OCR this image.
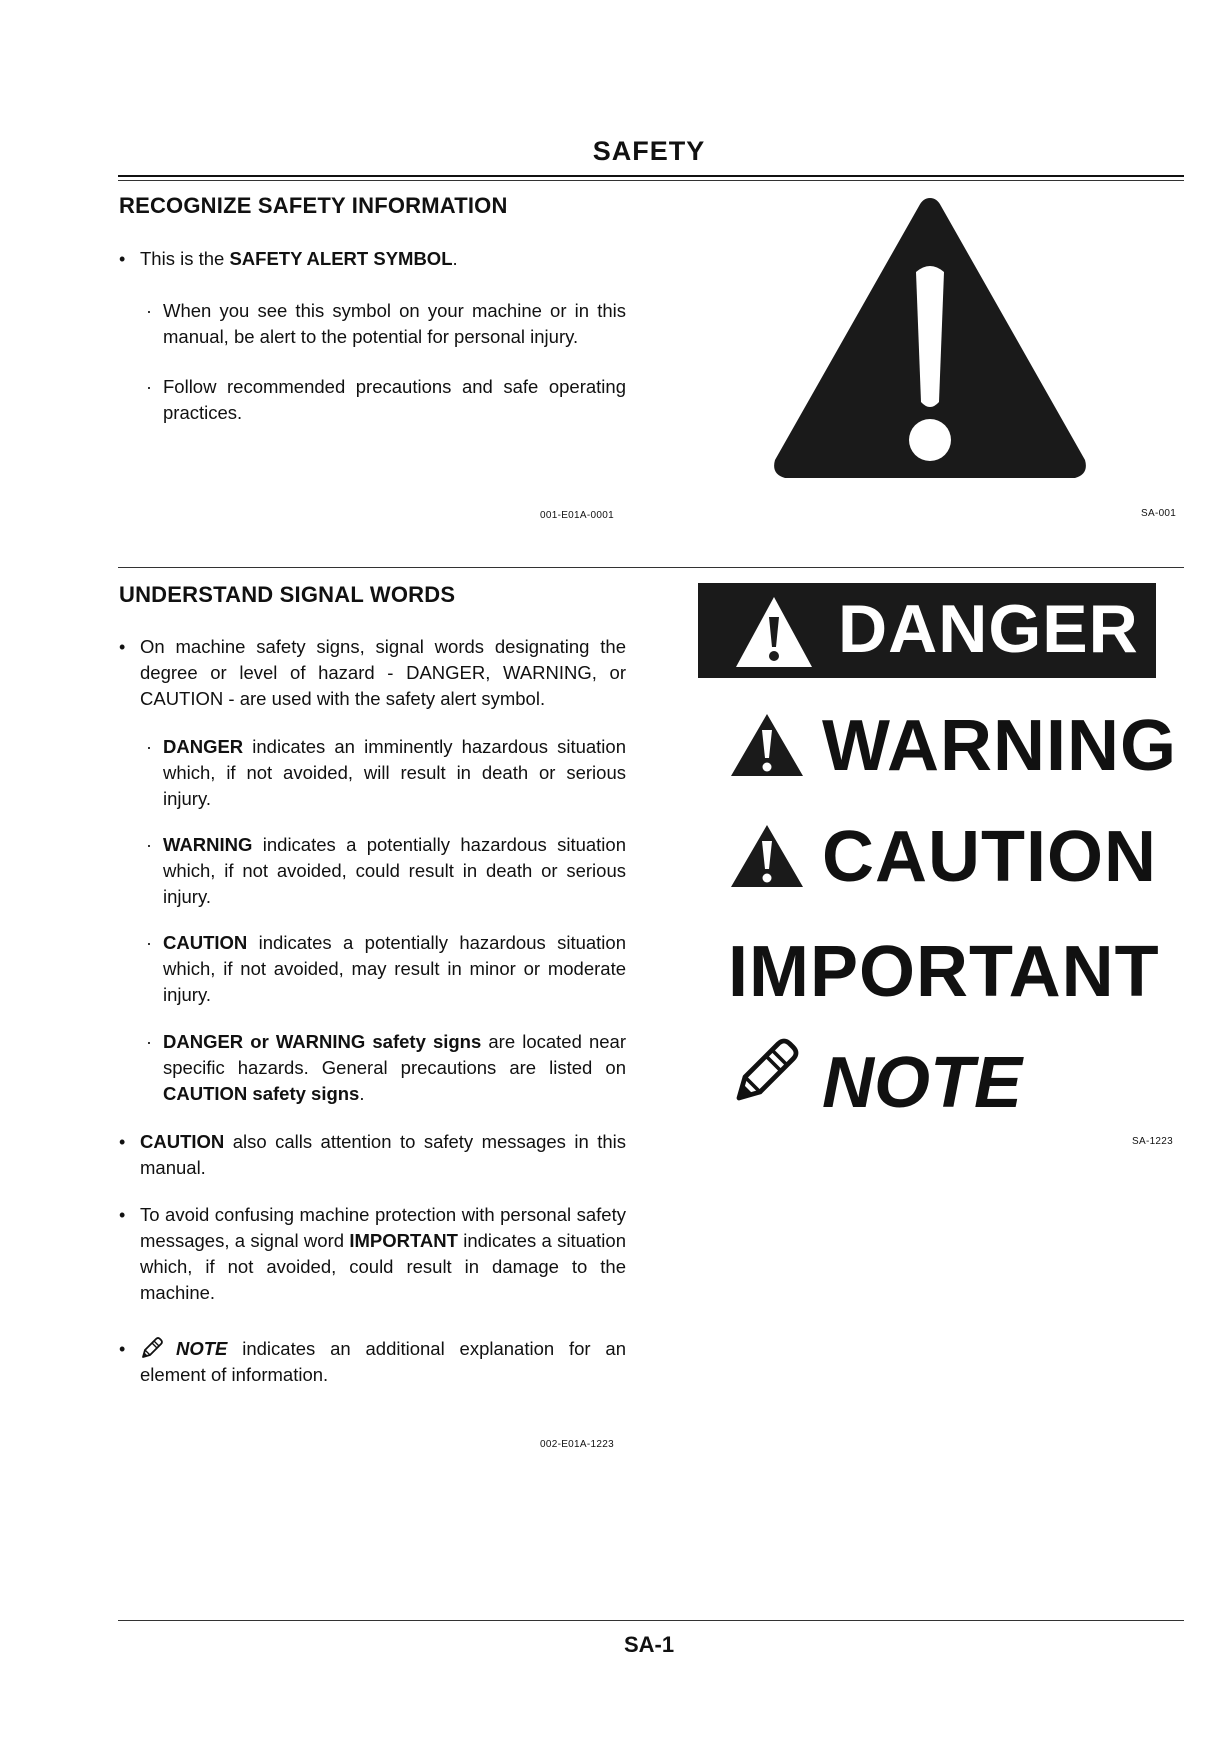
SAFETY
RECOGNIZE SAFETY INFORMATION
• This is the SAFETY ALERT SYMBOL.
· When you see this symbol on your machine or in this manual, be alert to the potential for personal injury.
· Follow recommended precautions and safe operating practices.
001-E01A-0001	SA-001
UNDERSTAND SIGNAL WORDS
• On machine safety signs, signal words designating the degree or level of hazard - DANGER, WARNING, or CAUTION - are used with the safety alert symbol.
· DANGER indicates an imminently hazardous situation which, if not avoided, will result in death or serious injury.
· WARNING indicates a potentially hazardous situation which, if not avoided, could result in death or serious injury.
· CAUTION indicates a potentially hazardous situation which, if not avoided, may result in minor or moderate injury.
· DANGER or WARNING safety signs are located near specific hazards. General precautions are listed on CAUTION safety signs.
• CAUTION also calls attention to safety messages in this manual.
• To avoid confusing machine protection with personal safety messages, a signal word IMPORTANT indicates a situation which, if not avoided, could result in damage to the machine.
•	NOTE indicates an additional explanation for an element of information.
002-E01A-1223
DANGER
WARNING
CAUTION
IMPORTANT
NOTE
SA-1223
SA-1
